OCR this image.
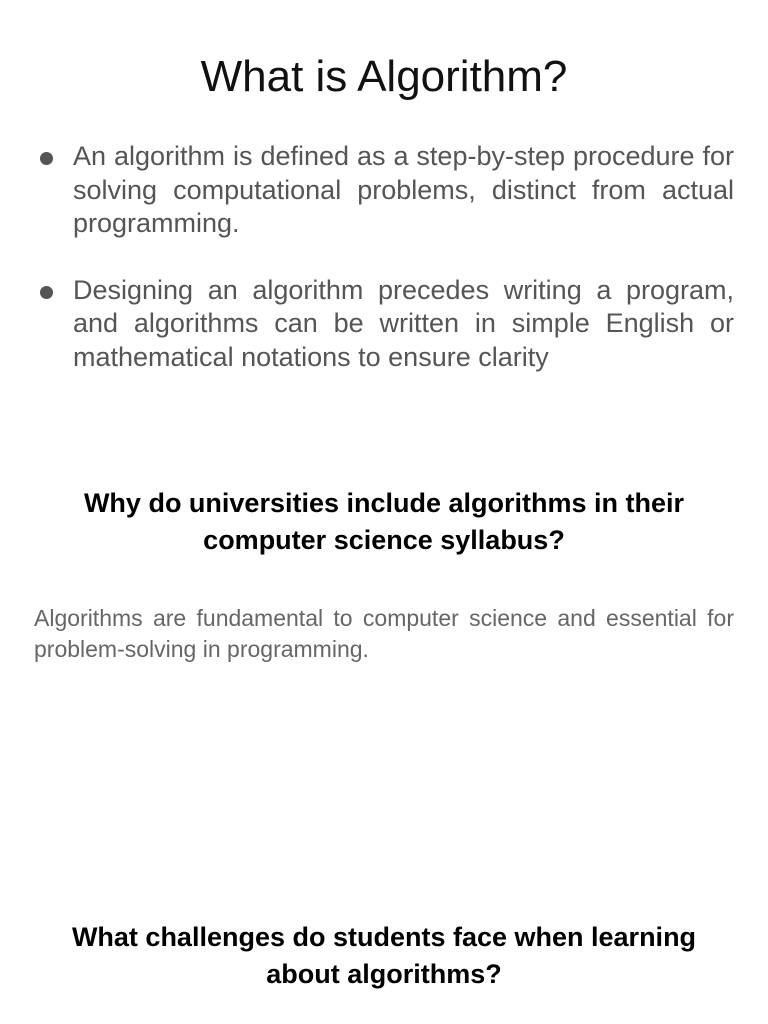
What is Algorithm?
An algorithm is defined as a step-by-step procedure for solving computational problems, distinct from actual programming.
Designing an algorithm precedes writing a program, and algorithms can be written in simple English or mathematical notations to ensure clarity
Why do universities include algorithms in their computer science syllabus?

Algorithms are fundamental to computer science and essential for problem-solving in programming.

What challenges do students face when learning about algorithms?
